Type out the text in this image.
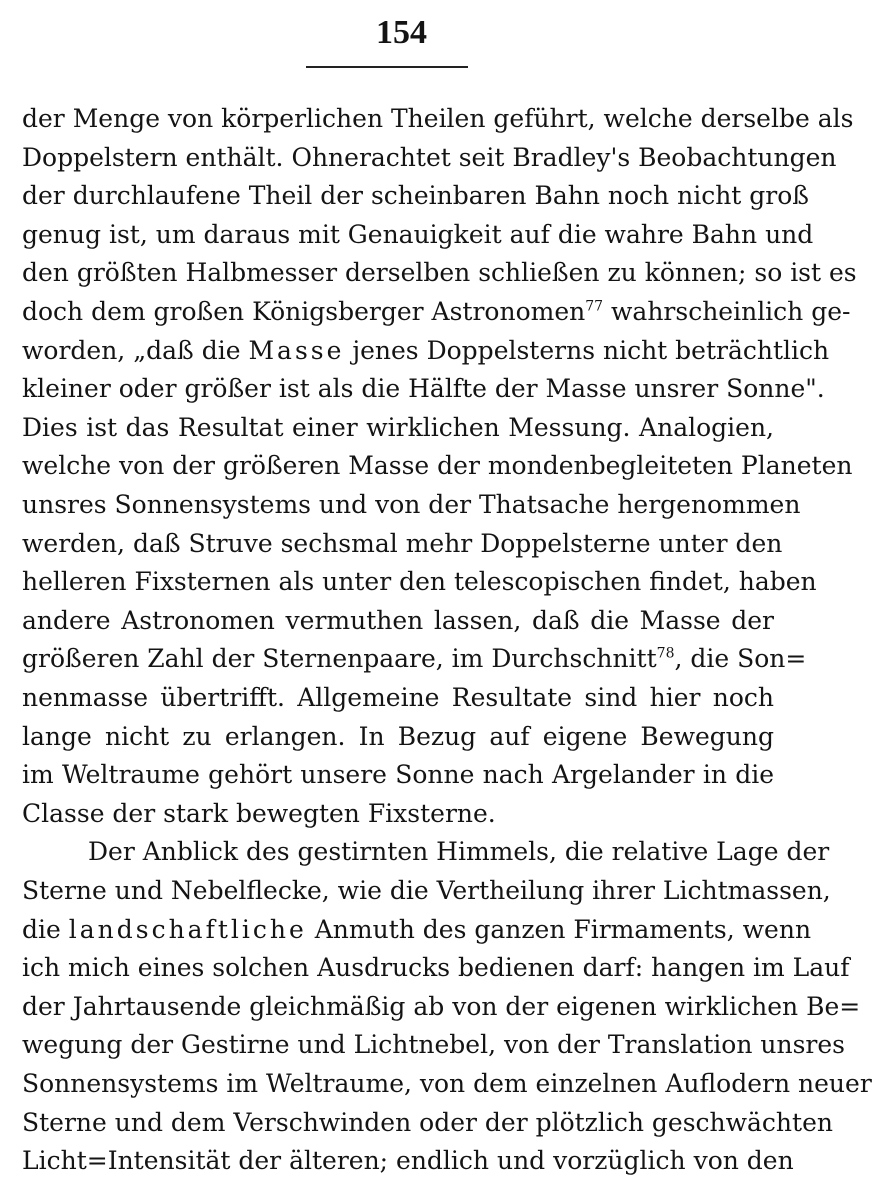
154
der Menge von körperlichen Theilen geführt, welche derselbe als
Doppelstern enthält. Ohnerachtet seit Bradley's Beobachtungen
der durchlaufene Theil der scheinbaren Bahn noch nicht groß
genug ist, um daraus mit Genauigkeit auf die wahre Bahn und
den größten Halbmesser derselben schließen zu können; so ist es
doch dem großen Königsberger Astronomen$^{77}$ wahrscheinlich ge-
worden, „daß die Masse jenes Doppelsterns nicht beträchtlich
kleiner oder größer ist als die Hälfte der Masse unsrer Sonne".
Dies ist das Resultat einer wirklichen Messung. Analogien,
welche von der größeren Masse der mondenbegleiteten Planeten
unsres Sonnensystems und von der Thatsache hergenommen
werden, daß Struve sechsmal mehr Doppelsterne unter den
helleren Fixsternen als unter den telescopischen findet, haben
andere Astronomen vermuthen lassen, daß die Masse der
größeren Zahl der Sternenpaare, im Durchschnitt$^{78}$, die Son=
nenmasse übertrifft. Allgemeine Resultate sind hier noch
lange nicht zu erlangen. In Bezug auf eigene Bewegung
im Weltraume gehört unsere Sonne nach Argelander in die
Classe der stark bewegten Fixsterne.
Der Anblick des gestirnten Himmels, die relative Lage der
Sterne und Nebelflecke, wie die Vertheilung ihrer Lichtmassen,
die landschaftliche Anmuth des ganzen Firmaments, wenn
ich mich eines solchen Ausdrucks bedienen darf: hangen im Lauf
der Jahrtausende gleichmäßig ab von der eigenen wirklichen Be=
wegung der Gestirne und Lichtnebel, von der Translation unsres
Sonnensystems im Weltraume, von dem einzelnen Auflodern neuer
Sterne und dem Verschwinden oder der plötzlich geschwächten
Licht=Intensität der älteren; endlich und vorzüglich von den
